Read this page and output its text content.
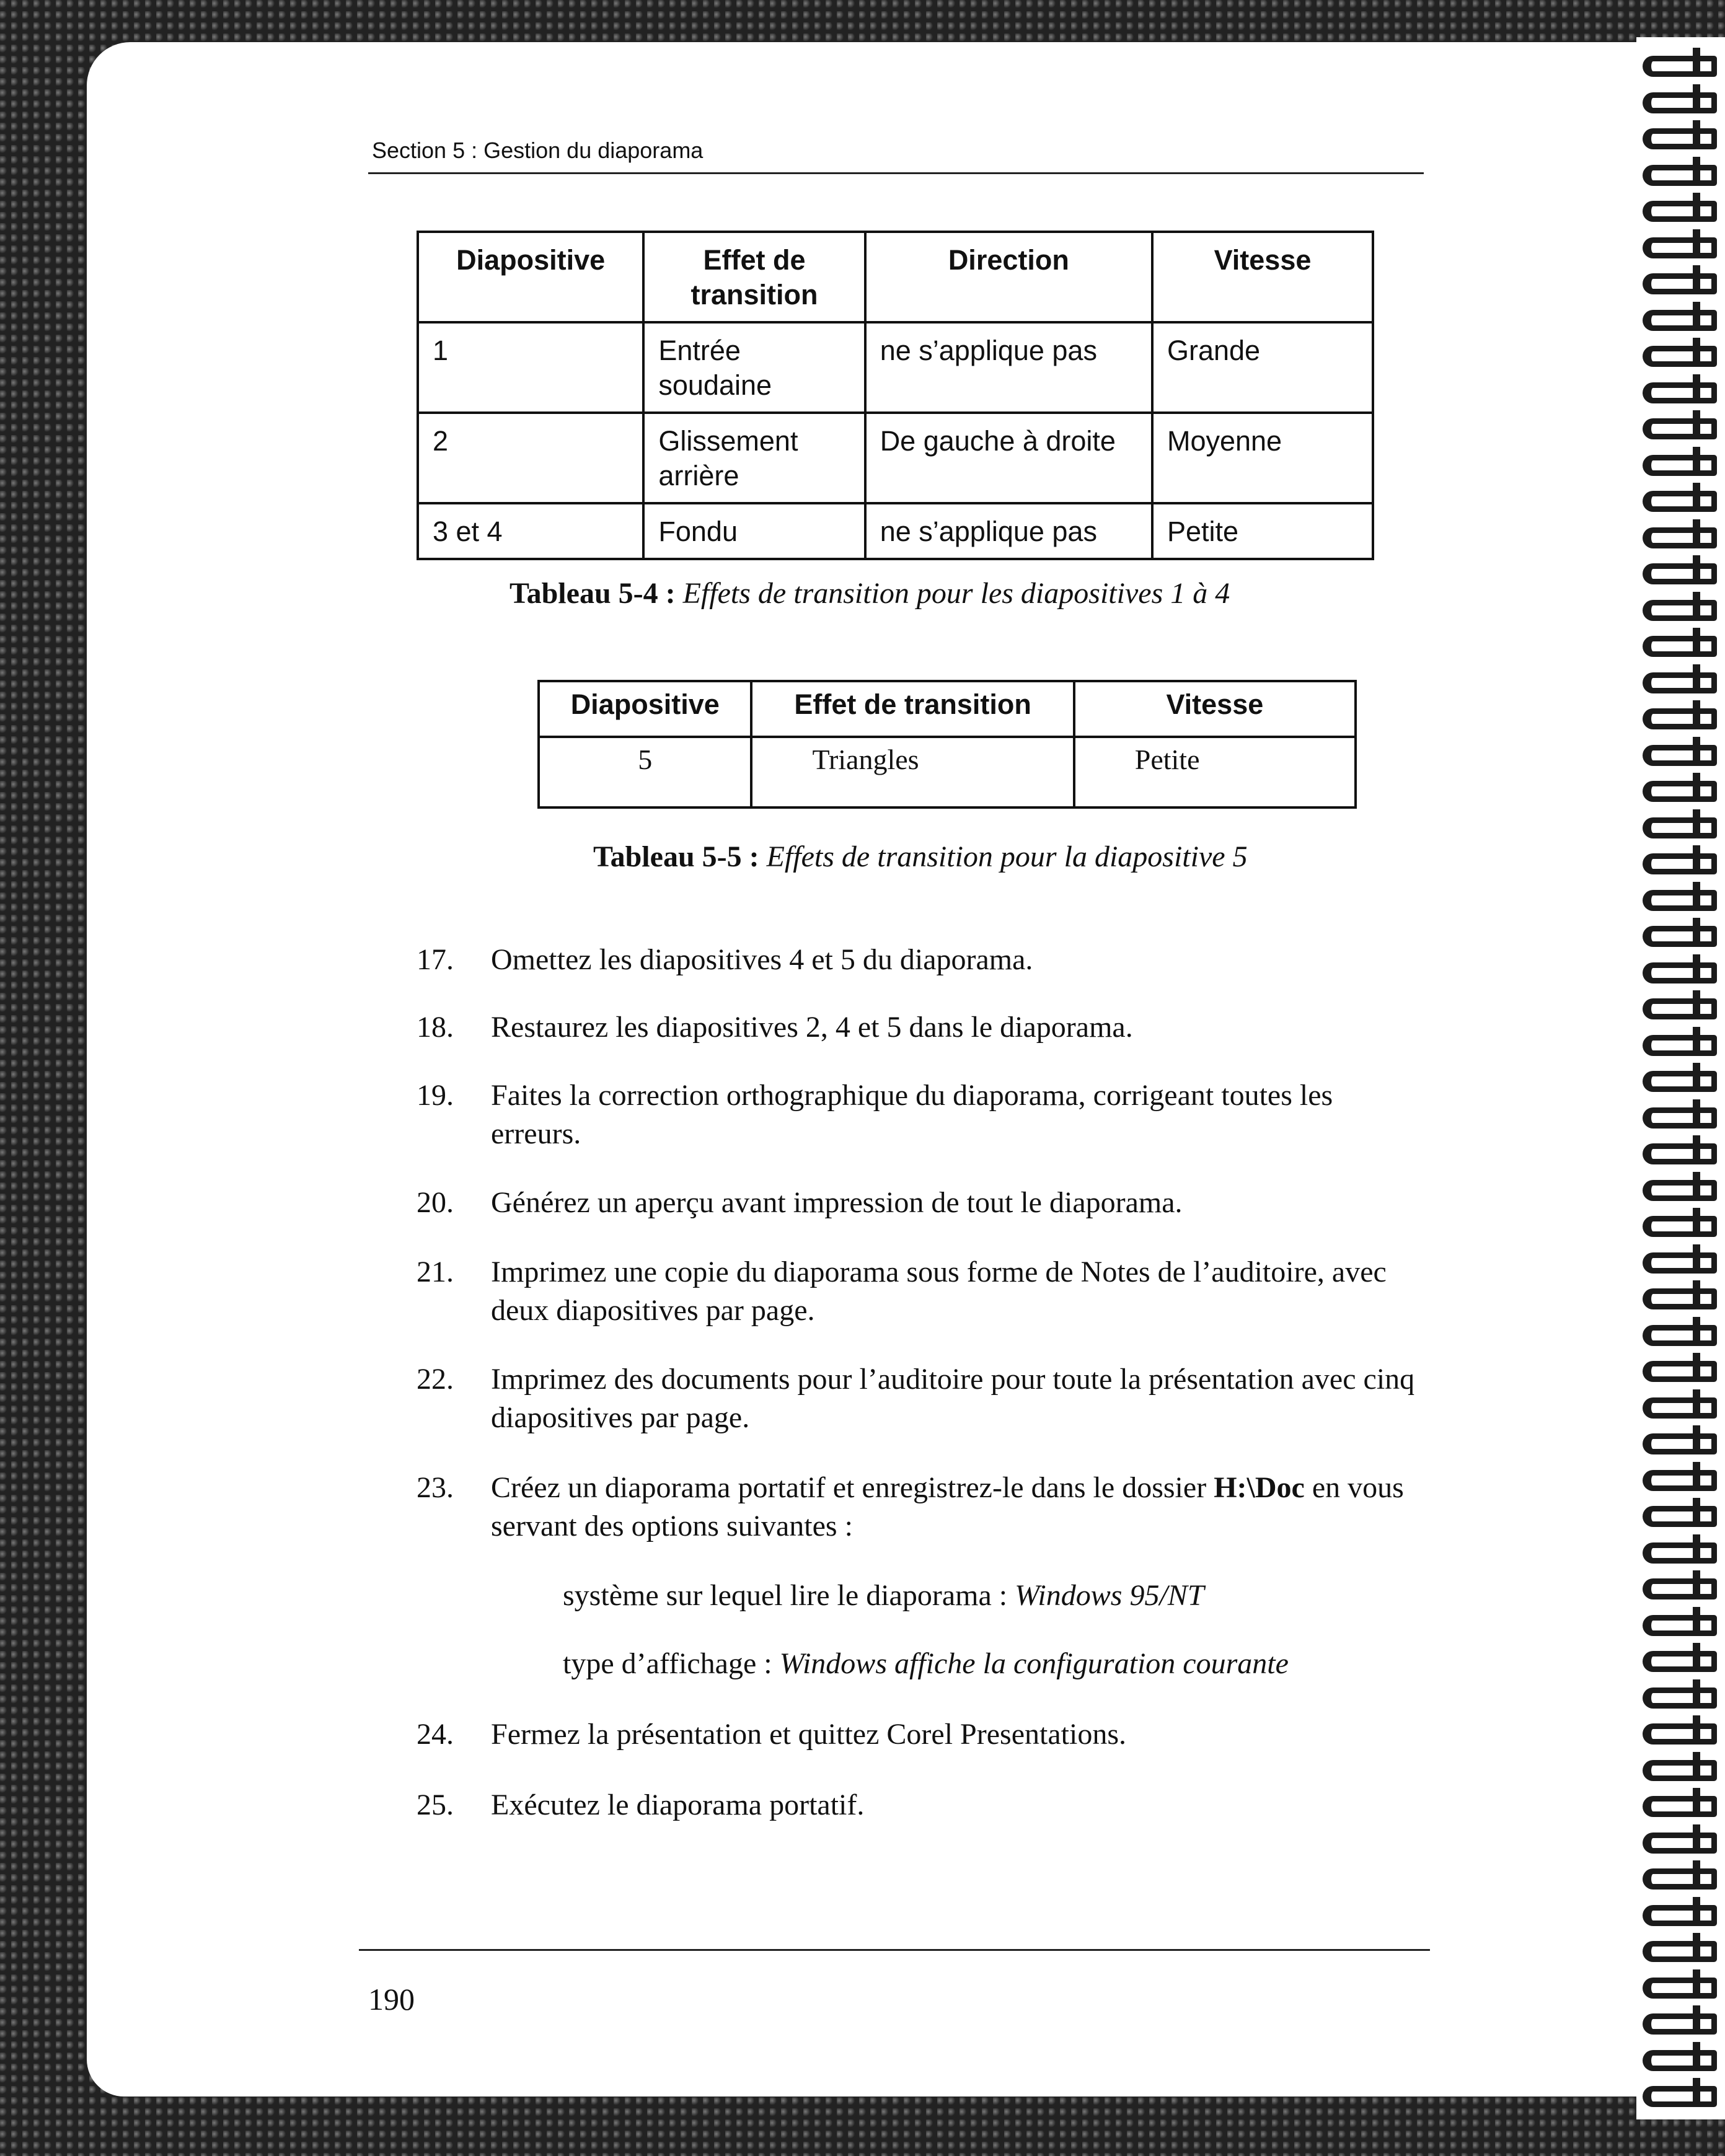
Section 5 : Gestion du diaporama
Diapositive	Effet de transition	Direction	Vitesse
1	Entrée soudaine	ne s’applique pas	Grande
2	Glissement arrière	De gauche à droite	Moyenne
3 et 4	Fondu	ne s’applique pas	Petite
Tableau 5-4 : Effets de transition pour les diapositives 1 à 4
Diapositive	Effet de transition	Vitesse
5	Triangles	Petite
Tableau 5-5 : Effets de transition pour la diapositive 5
17.	Omettez les diapositives 4 et 5 du diaporama.
18.	Restaurez les diapositives 2, 4 et 5 dans le diaporama.
19.	Faites la correction orthographique du diaporama, corrigeant toutes les erreurs.
20.	Générez un aperçu avant impression de tout le diaporama.
21.	Imprimez une copie du diaporama sous forme de Notes de l’auditoire, avec deux diapositives par page.
22.	Imprimez des documents pour l’auditoire pour toute la présentation avec cinq diapositives par page.
23.	Créez un diaporama portatif et enregistrez-le dans le dossier H:\Doc en vous servant des options suivantes :
système sur lequel lire le diaporama : Windows 95/NT
type d’affichage : Windows affiche la configuration courante
24.	Fermez la présentation et quittez Corel Presentations.
25.	Exécutez le diaporama portatif.
190
